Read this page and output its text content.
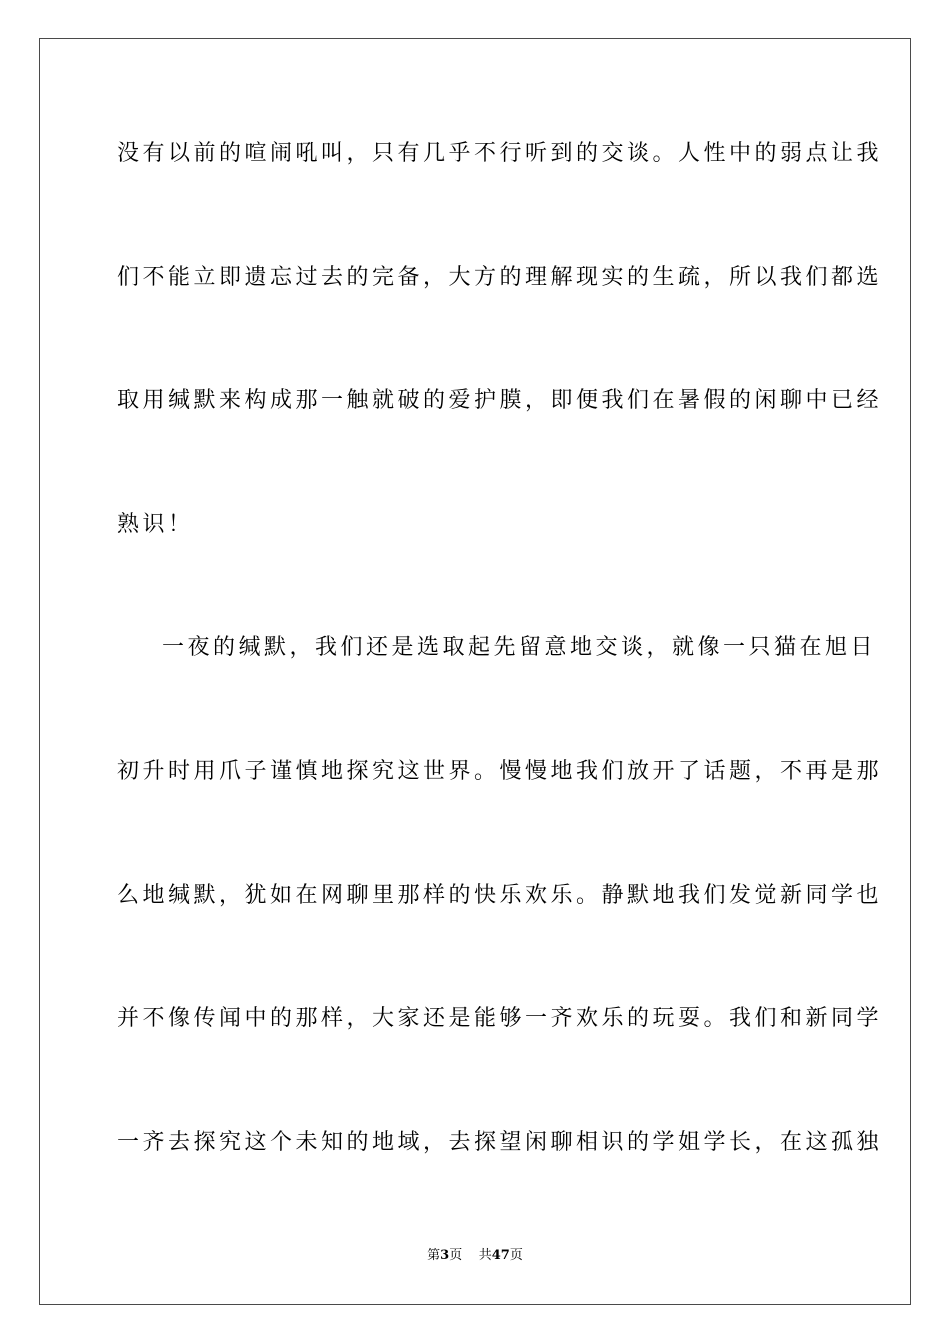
没有以前的喧闹吼叫，只有几乎不行听到的交谈。人性中的弱点让我
们不能立即遗忘过去的完备，大方的理解现实的生疏，所以我们都选
取用缄默来构成那一触就破的爱护膜，即便我们在暑假的闲聊中已经
熟识！
一夜的缄默，我们还是选取起先留意地交谈，就像一只猫在旭日
初升时用爪子谨慎地探究这世界。慢慢地我们放开了话题，不再是那
么地缄默，犹如在网聊里那样的快乐欢乐。静默地我们发觉新同学也
并不像传闻中的那样，大家还是能够一齐欢乐的玩耍。我们和新同学
一齐去探究这个未知的地域，去探望闲聊相识的学姐学长，在这孤独
第3页 共47页
